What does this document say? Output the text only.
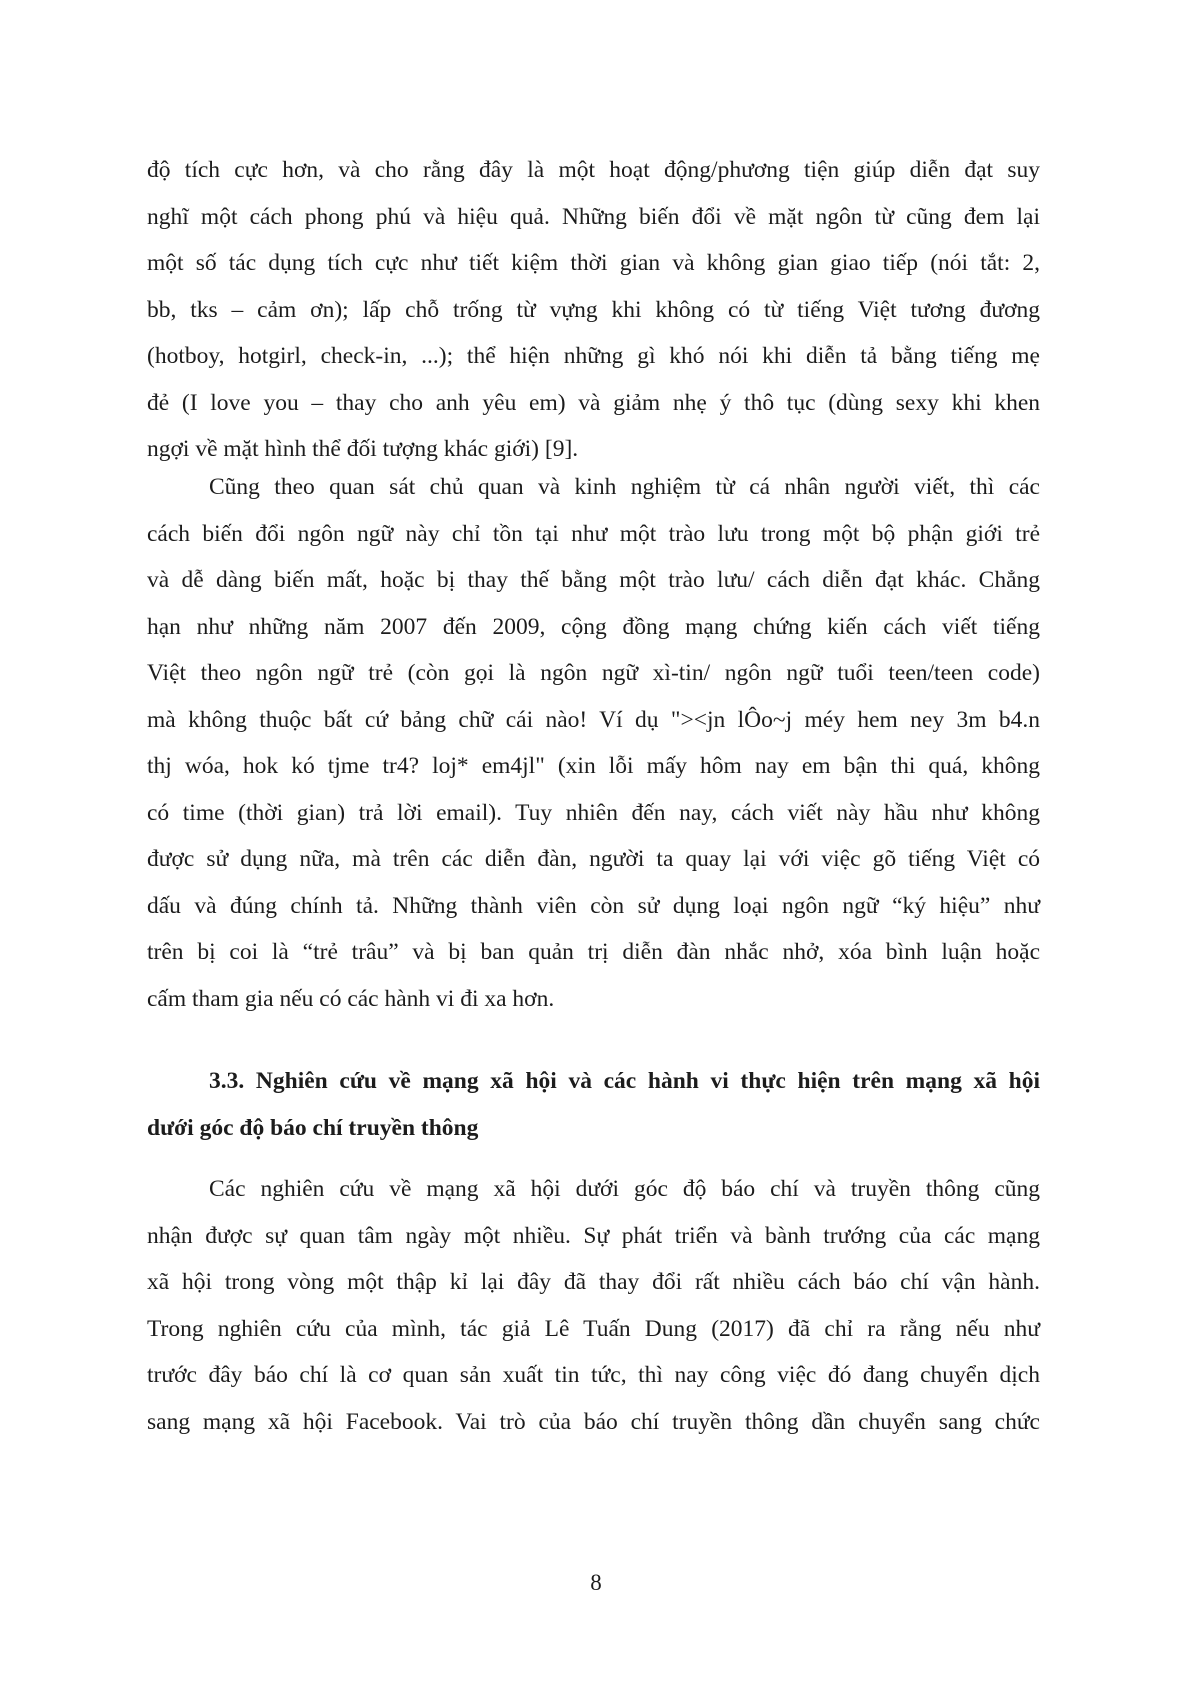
độ tích cực hơn, và cho rằng đây là một hoạt động/phương tiện giúp diễn đạt suy
nghĩ một cách phong phú và hiệu quả. Những biến đổi về mặt ngôn từ cũng đem lại
một số tác dụng tích cực như tiết kiệm thời gian và không gian giao tiếp (nói tắt: 2,
bb, tks – cảm ơn); lấp chỗ trống từ vựng khi không có từ tiếng Việt tương đương
(hotboy, hotgirl, check-in, ...); thể hiện những gì khó nói khi diễn tả bằng tiếng mẹ
đẻ (I love you – thay cho anh yêu em) và giảm nhẹ ý thô tục (dùng sexy khi khen
ngợi về mặt hình thể đối tượng khác giới) [9].
Cũng theo quan sát chủ quan và kinh nghiệm từ cá nhân người viết, thì các
cách biến đổi ngôn ngữ này chỉ tồn tại như một trào lưu trong một bộ phận giới trẻ
và dễ dàng biến mất, hoặc bị thay thế bằng một trào lưu/ cách diễn đạt khác. Chẳng
hạn như những năm 2007 đến 2009, cộng đồng mạng chứng kiến cách viết tiếng
Việt theo ngôn ngữ trẻ (còn gọi là ngôn ngữ xì-tin/ ngôn ngữ tuổi teen/teen code)
mà không thuộc bất cứ bảng chữ cái nào! Ví dụ "><jn lÔo~j méy hem ney 3m b4.n
thj wóa, hok kó tjme tr4? loj* em4jl" (xin lỗi mấy hôm nay em bận thi quá, không
có time (thời gian) trả lời email). Tuy nhiên đến nay, cách viết này hầu như không
được sử dụng nữa, mà trên các diễn đàn, người ta quay lại với việc gõ tiếng Việt có
dấu và đúng chính tả. Những thành viên còn sử dụng loại ngôn ngữ “ký hiệu” như
trên bị coi là “trẻ trâu” và bị ban quản trị diễn đàn nhắc nhở, xóa bình luận hoặc
cấm tham gia nếu có các hành vi đi xa hơn.
3.3. Nghiên cứu về mạng xã hội và các hành vi thực hiện trên mạng xã hội
dưới góc độ báo chí truyền thông
Các nghiên cứu về mạng xã hội dưới góc độ báo chí và truyền thông cũng
nhận được sự quan tâm ngày một nhiều. Sự phát triển và bành trướng của các mạng
xã hội trong vòng một thập kỉ lại đây đã thay đổi rất nhiều cách báo chí vận hành.
Trong nghiên cứu của mình, tác giả Lê Tuấn Dung (2017) đã chỉ ra rằng nếu như
trước đây báo chí là cơ quan sản xuất tin tức, thì nay công việc đó đang chuyển dịch
sang mạng xã hội Facebook. Vai trò của báo chí truyền thông dần chuyển sang chức
8
